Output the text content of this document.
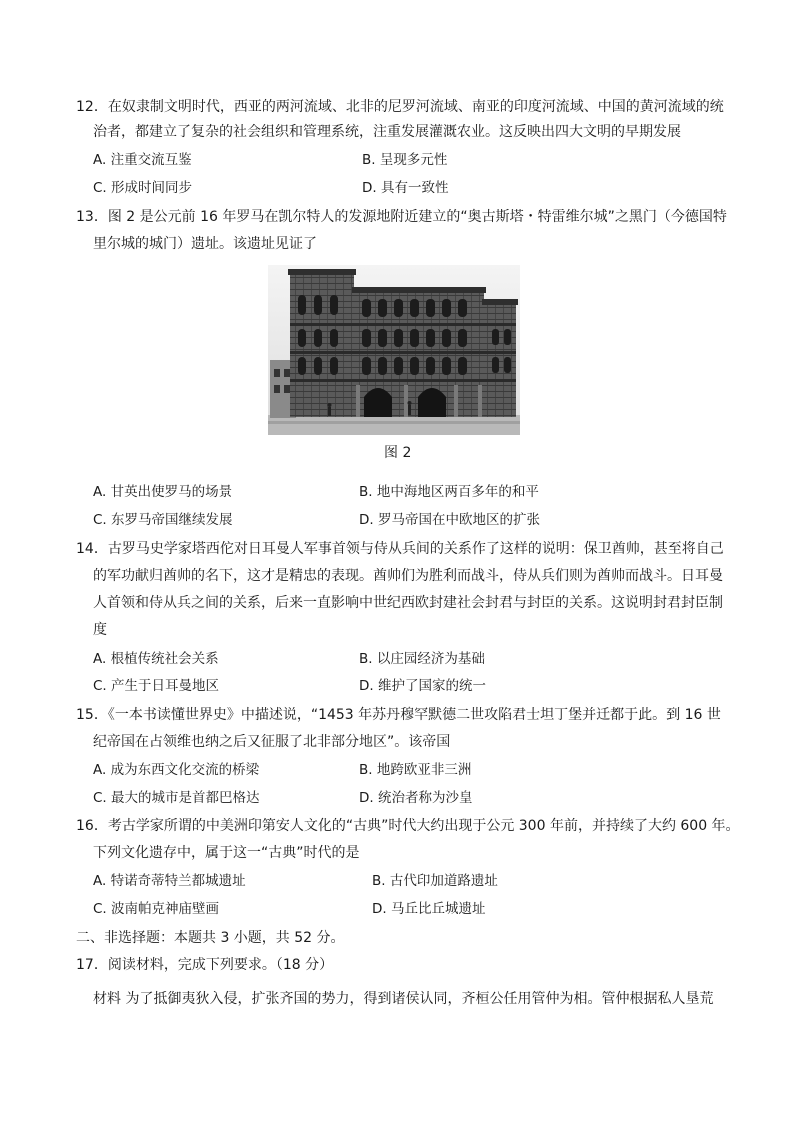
12．在奴隶制文明时代，西亚的两河流域、北非的尼罗河流域、南亚的印度河流域、中国的黄河流域的统
治者，都建立了复杂的社会组织和管理系统，注重发展灌溉农业。这反映出四大文明的早期发展
A. 注重交流互鉴	B. 呈现多元性
C. 形成时间同步	D. 具有一致性
13．图 2 是公元前 16 年罗马在凯尔特人的发源地附近建立的“奥古斯塔・特雷维尔城”之黑门（今德国特
里尔城的城门）遗址。该遗址见证了
图 2
A. 甘英出使罗马的场景	B. 地中海地区两百多年的和平
C. 东罗马帝国继续发展	D. 罗马帝国在中欧地区的扩张
14．古罗马史学家塔西佗对日耳曼人军事首领与侍从兵间的关系作了这样的说明：保卫酋帅，甚至将自己
的军功献归酋帅的名下，这才是精忠的表现。酋帅们为胜利而战斗，侍从兵们则为酋帅而战斗。日耳曼
人首领和侍从兵之间的关系，后来一直影响中世纪西欧封建社会封君与封臣的关系。这说明封君封臣制
度
A. 根植传统社会关系	B. 以庄园经济为基础
C. 产生于日耳曼地区	D. 维护了国家的统一
15．《一本书读懂世界史》中描述说，“1453 年苏丹穆罕默德二世攻陷君士坦丁堡并迁都于此。到 16 世
纪帝国在占领维也纳之后又征服了北非部分地区”。该帝国
A. 成为东西文化交流的桥梁	B. 地跨欧亚非三洲
C. 最大的城市是首都巴格达	D. 统治者称为沙皇
16．考古学家所谓的中美洲印第安人文化的“古典”时代大约出现于公元 300 年前，并持续了大约 600 年。
下列文化遗存中，属于这一“古典”时代的是
A. 特诺奇蒂特兰都城遗址	B. 古代印加道路遗址
C. 波南帕克神庙壁画	D. 马丘比丘城遗址
二、非选择题：本题共 3 小题，共 52 分。
17．阅读材料，完成下列要求。（18 分）
材料 为了抵御夷狄入侵，扩张齐国的势力，得到诸侯认同，齐桓公任用管仲为相。管仲根据私人垦荒
